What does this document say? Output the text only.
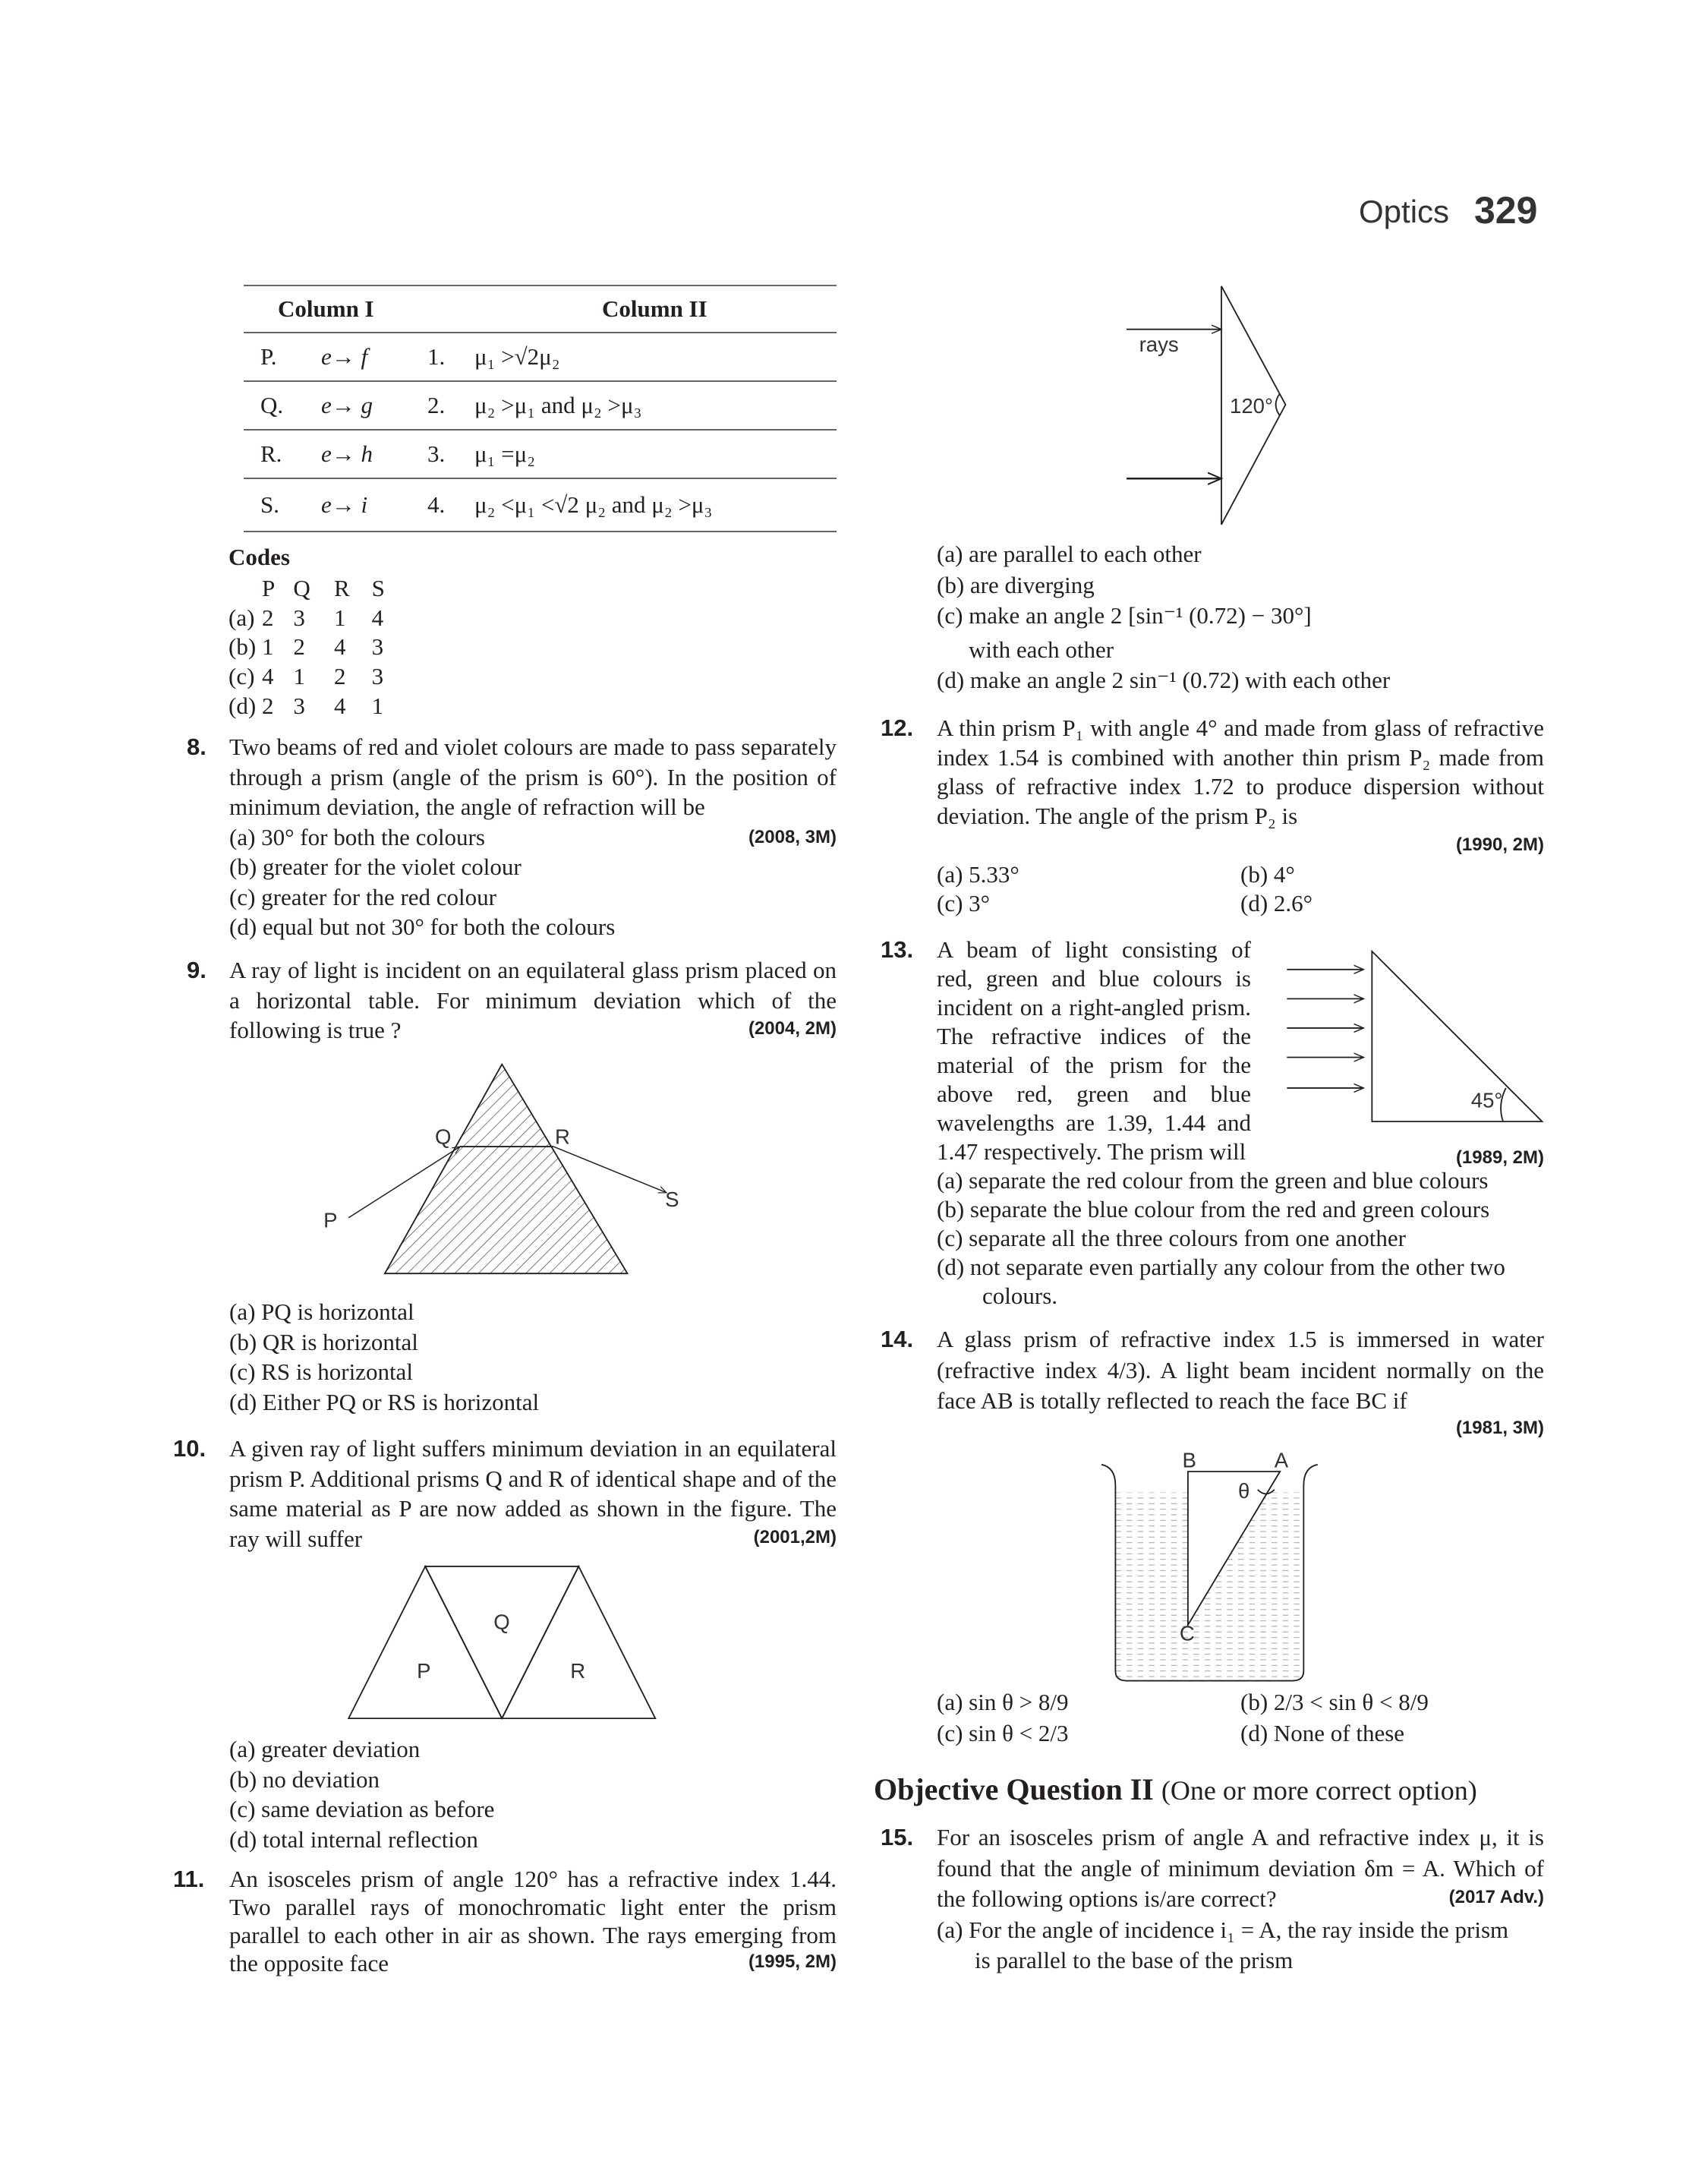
Optics 329
Column I		Column II	
P.	e→ f	1.	μ₁ >√2μ₂
Q.	e→ g	2.	μ₂ >μ₁ and μ₂ >μ₃
R.	e→ h	3.	μ₁ =μ₂
S.	e→ i	4.	μ₂ <μ₁ <√2 μ₂ and μ₂ >μ₃
Codes
	P	Q	R	S
(a)	2	3	1	4
(b)	1	2	4	3
(c)	4	1	2	3
(d)	2	3	4	1
8. Two beams of red and violet colours are made to pass separately through a prism (angle of the prism is 60°). In the position of minimum deviation, the angle of refraction will be
(a) 30° for both the colours	(2008, 3M)
(b) greater for the violet colour
(c) greater for the red colour
(d) equal but not 30° for both the colours
9. A ray of light is incident on an equilateral glass prism placed on a horizontal table. For minimum deviation which of the following is true ?	(2004, 2M)
(a) PQ is horizontal
(b) QR is horizontal
(c) RS is horizontal
(d) Either PQ or RS is horizontal
10. A given ray of light suffers minimum deviation in an equilateral prism P. Additional prisms Q and R of identical shape and of the same material as P are now added as shown in the figure. The ray will suffer	(2001,2M)
(a) greater deviation
(b) no deviation
(c) same deviation as before
(d) total internal reflection
11. An isosceles prism of angle 120° has a refractive index 1.44. Two parallel rays of monochromatic light enter the prism parallel to each other in air as shown. The rays emerging from the opposite face	(1995, 2M)
(a) are parallel to each other
(b) are diverging
(c) make an angle 2 [sin⁻¹ (0.72) − 30°]
with each other
(d) make an angle 2 sin⁻¹ (0.72) with each other
12. A thin prism P₁ with angle 4° and made from glass of refractive index 1.54 is combined with another thin prism P₂ made from glass of refractive index 1.72 to produce dispersion without deviation. The angle of the prism P₂ is
(1990, 2M)
(a) 5.33°	(b) 4°
(c) 3°	(d) 2.6°
13. A beam of light consisting of red, green and blue colours is incident on a right-angled prism. The refractive indices of the material of the prism for the above red, green and blue wavelengths are 1.39, 1.44 and 1.47 respectively. The prism will	(1989, 2M)
(a) separate the red colour from the green and blue colours
(b) separate the blue colour from the red and green colours
(c) separate all the three colours from one another
(d) not separate even partially any colour from the other two
colours.
14. A glass prism of refractive index 1.5 is immersed in water (refractive index 4/3). A light beam incident normally on the face AB is totally reflected to reach the face BC if
(1981, 3M)
(a) sin θ > 8/9	(b) 2/3 < sin θ < 8/9
(c) sin θ < 2/3	(d) None of these
Objective Question II (One or more correct option)
15. For an isosceles prism of angle A and refractive index μ, it is found that the angle of minimum deviation δm = A. Which of the following options is/are correct?	(2017 Adv.)
(a) For the angle of incidence i₁ = A, the ray inside the prism
is parallel to the base of the prism
Q	R
P
S
Q
P	R
rays
120°
45°
B	A
θ
C
